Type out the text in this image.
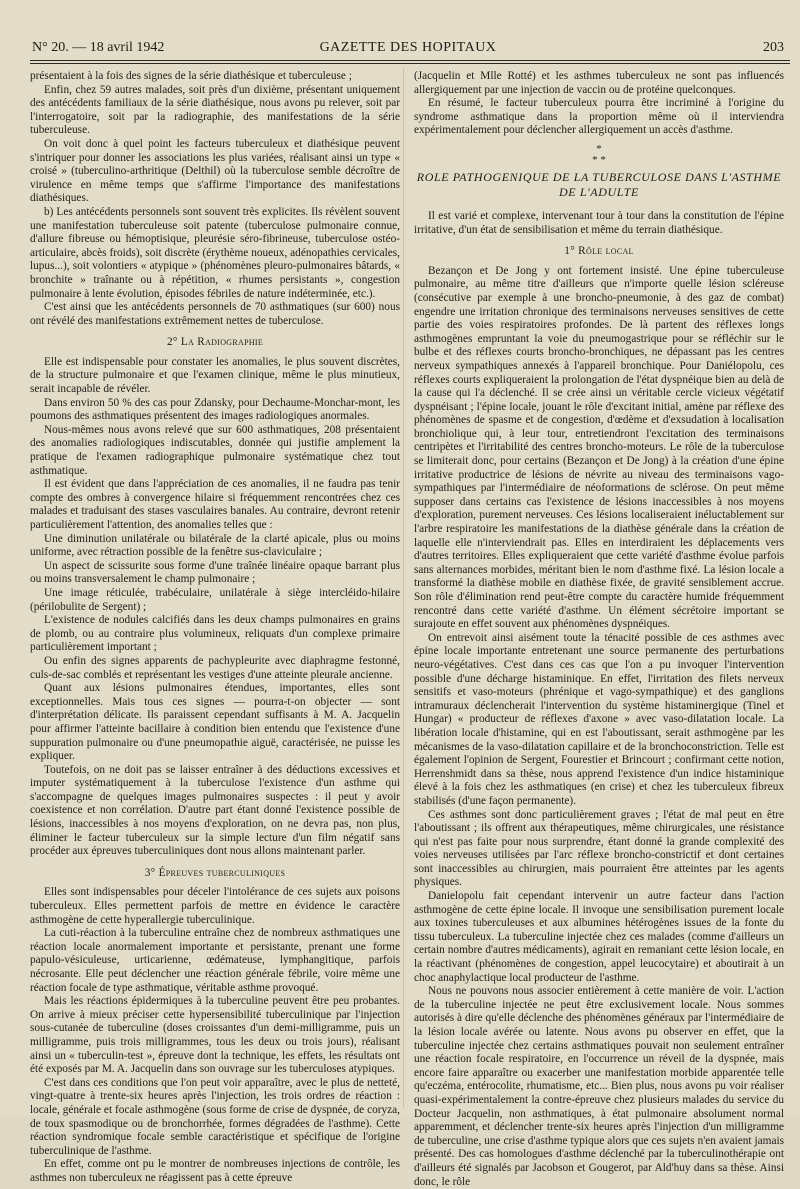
N° 20. — 18 avril 1942	GAZETTE DES HOPITAUX	203

présentaient à la fois des signes de la série diathésique et tuberculeuse ;

Enfin, chez 59 autres malades, soit près d'un dixième, présentant uniquement des antécédents familiaux de la série diathésique, nous avons pu relever, soit par l'interrogatoire, soit par la radiographie, des manifestations de la série tuberculeuse.

On voit donc à quel point les facteurs tuberculeux et diathésique peuvent s'intriquer pour donner les associations les plus variées, réalisant ainsi un type « croisé » (tuberculino-arthritique (Delthil) où la tuberculose semble décroître de virulence en même temps que s'affirme l'importance des manifestations diathésiques.

b) Les antécédents personnels sont souvent très explicites. Ils révèlent souvent une manifestation tuberculeuse soit patente (tuberculose pulmonaire connue, d'allure fibreuse ou hémoptisique, pleurésie séro-fibrineuse, tuberculose ostéo-articulaire, abcès froids), soit discrète (érythème noueux, adénopathies cervicales, lupus...), soit volontiers « atypique » (phénomènes pleuro-pulmonaires bâtards, « bronchite » traînante ou à répétition, « rhumes persistants », congestion pulmonaire à lente évolution, épisodes fébriles de nature indéterminée, etc.).

C'est ainsi que les antécédents personnels de 70 asthmatiques (sur 600) nous ont révélé des manifestations extrêmement nettes de tuberculose.

2° La Radiographie

Elle est indispensable pour constater les anomalies, le plus souvent discrètes, de la structure pulmonaire et que l'examen clinique, même le plus minutieux, serait incapable de révéler.

Dans environ 50 % des cas pour Zdansky, pour Dechaume-Monchar-mont, les poumons des asthmatiques présentent des images radiologiques anormales.

Nous-mêmes nous avons relevé que sur 600 asthmatiques, 208 présentaient des anomalies radiologiques indiscutables, donnée qui justifie amplement la pratique de l'examen radiographique pulmonaire systématique chez tout asthmatique.

Il est évident que dans l'appréciation de ces anomalies, il ne faudra pas tenir compte des ombres à convergence hilaire si fréquemment rencontrées chez ces malades et traduisant des stases vasculaires banales. Au contraire, devront retenir particulièrement l'attention, des anomalies telles que :

Une diminution unilatérale ou bilatérale de la clarté apicale, plus ou moins uniforme, avec rétraction possible de la fenêtre sus-claviculaire ;

Un aspect de scissurite sous forme d'une traînée linéaire opaque barrant plus ou moins transversalement le champ pulmonaire ;

Une image réticulée, trabéculaire, unilatérale à siège intercléido-hilaire (périlobulite de Sergent) ;

L'existence de nodules calcifiés dans les deux champs pulmonaires en grains de plomb, ou au contraire plus volumineux, reliquats d'un complexe primaire particulièrement important ;

Ou enfin des signes apparents de pachypleurite avec diaphragme festonné, culs-de-sac comblés et représentant les vestiges d'une atteinte pleurale ancienne.

Quant aux lésions pulmonaires étendues, importantes, elles sont exceptionnelles. Mais tous ces signes — pourra-t-on objecter — sont d'interprétation délicate. Ils paraissent cependant suffisants à M. A. Jacquelin pour affirmer l'atteinte bacillaire à condition bien entendu que l'existence d'une suppuration pulmonaire ou d'une pneumopathie aiguë, caractérisée, ne puisse les expliquer.

Toutefois, on ne doit pas se laisser entraîner à des déductions excessives et imputer systématiquement à la tuberculose l'existence d'un asthme qui s'accompagne de quelques images pulmonaires suspectes : il peut y avoir coexistence et non corrélation. D'autre part étant donné l'existence possible de lésions, inaccessibles à nos moyens d'exploration, on ne devra pas, non plus, éliminer le facteur tuberculeux sur la simple lecture d'un film négatif sans procéder aux épreuves tuberculiniques dont nous allons maintenant parler.

3° Épreuves tuberculiniques

Elles sont indispensables pour déceler l'intolérance de ces sujets aux poisons tuberculeux. Elles permettent parfois de mettre en évidence le caractère asthmogène de cette hyperallergie tuberculinique.

La cuti-réaction à la tuberculine entraîne chez de nombreux asthmatiques une réaction locale anormalement importante et persistante, prenant une forme papulo-vésiculeuse, urticarienne, œdémateuse, lymphangitique, parfois nécrosante. Elle peut déclencher une réaction générale fébrile, voire même une réaction focale de type asthmatique, véritable asthme provoqué.

Mais les réactions épidermiques à la tuberculine peuvent être peu probantes. On arrive à mieux préciser cette hypersensibilité tuberculinique par l'injection sous-cutanée de tuberculine (doses croissantes d'un demi-milligramme, puis un milligramme, puis trois milligrammes, tous les deux ou trois jours), réalisant ainsi un « tuberculin-test », épreuve dont la technique, les effets, les résultats ont été exposés par M. A. Jacquelin dans son ouvrage sur les tuberculoses atypiques.

C'est dans ces conditions que l'on peut voir apparaître, avec le plus de netteté, vingt-quatre à trente-six heures après l'injection, les trois ordres de réaction : locale, générale et focale asthmogène (sous forme de crise de dyspnée, de coryza, de toux spasmodique ou de bronchorrhée, formes dégradées de l'asthme). Cette réaction syndromique focale semble caractéristique et spécifique de l'origine tuberculinique de l'asthme.

En effet, comme ont pu le montrer de nombreuses injections de contrôle, les asthmes non tuberculeux ne réagissent pas à cette épreuve

(Jacquelin et Mlle Rotté) et les asthmes tuberculeux ne sont pas influencés allergiquement par une injection de vaccin ou de protéine quelconques.

En résumé, le facteur tuberculeux pourra être incriminé à l'origine du syndrome asthmatique dans la proportion même où il interviendra expérimentalement pour déclencher allergiquement un accès d'asthme.

*
* *
ROLE PATHOGENIQUE DE LA TUBERCULOSE DANS L'ASTHME DE L'ADULTE

Il est varié et complexe, intervenant tour à tour dans la constitution de l'épine irritative, d'un état de sensibilisation et même du terrain diathésique.

1° Rôle local

Bezançon et De Jong y ont fortement insisté. Une épine tuberculeuse pulmonaire, au même titre d'ailleurs que n'importe quelle lésion scléreuse (consécutive par exemple à une broncho-pneumonie, à des gaz de combat) engendre une irritation chronique des terminaisons nerveuses sensitives de cette partie des voies respiratoires profondes. De là partent des réflexes longs asthmogènes empruntant la voie du pneumogastrique pour se réfléchir sur le bulbe et des réflexes courts broncho-bronchiques, ne dépassant pas les centres nerveux sympathiques annexés à l'appareil bronchique. Pour Daniélopolu, ces réflexes courts expliqueraient la prolongation de l'état dyspnéique bien au delà de la cause qui l'a déclenché. Il se crée ainsi un véritable cercle vicieux végétatif dyspnéisant ; l'épine locale, jouant le rôle d'excitant initial, amène par réflexe des phénomènes de spasme et de congestion, d'œdème et d'exsudation à localisation bronchiolique qui, à leur tour, entretiendront l'excitation des terminaisons centripètes et l'irritabilité des centres broncho-moteurs. Le rôle de la tuberculose se limiterait donc, pour certains (Bezançon et De Jong) à la création d'une épine irritative productrice de lésions de névrite au niveau des terminaisons vago-sympathiques par l'intermédiaire de néoformations de sclérose. On peut même supposer dans certains cas l'existence de lésions inaccessibles à nos moyens d'exploration, purement nerveuses. Ces lésions localiseraient inéluctablement sur l'arbre respiratoire les manifestations de la diathèse générale dans la création de laquelle elle n'interviendrait pas. Elles en interdiraient les déplacements vers d'autres territoires. Elles expliqueraient que cette variété d'asthme évolue parfois sans alternances morbides, méritant bien le nom d'asthme fixé. La lésion locale a transformé la diathèse mobile en diathèse fixée, de gravité sensiblement accrue. Son rôle d'élimination rend peut-être compte du caractère humide fréquemment rencontré dans cette variété d'asthme. Un élément sécrétoire important se surajoute en effet souvent aux phénomènes dyspnéiques.

On entrevoit ainsi aisément toute la ténacité possible de ces asthmes avec épine locale importante entretenant une source permanente des perturbations neuro-végétatives. C'est dans ces cas que l'on a pu invoquer l'intervention possible d'une décharge histaminique. En effet, l'irritation des filets nerveux sensitifs et vaso-moteurs (phrénique et vago-sympathique) et des ganglions intramuraux déclencherait l'intervention du système histaminergique (Tinel et Hungar) « producteur de réflexes d'axone » avec vaso-dilatation locale. La libération locale d'histamine, qui en est l'aboutissant, serait asthmogène par les mécanismes de la vaso-dilatation capillaire et de la bronchoconstriction. Telle est également l'opinion de Sergent, Fourestier et Brincourt ; confirmant cette notion, Herrenshmidt dans sa thèse, nous apprend l'existence d'un indice histaminique élevé à la fois chez les asthmatiques (en crise) et chez les tuberculeux fibreux stabilisés (d'une façon permanente).

Ces asthmes sont donc particulièrement graves ; l'état de mal peut en être l'aboutissant ; ils offrent aux thérapeutiques, même chirurgicales, une résistance qui n'est pas faite pour nous surprendre, étant donné la grande complexité des voies nerveuses utilisées par l'arc réflexe broncho-constrictif et dont certaines sont inaccessibles au chirurgien, mais pourraient être atteintes par les agents physiques.

Danielopolu fait cependant intervenir un autre facteur dans l'action asthmogène de cette épine locale. Il invoque une sensibilisation purement locale aux toxines tuberculeuses et aux albumines hétérogènes issues de la fonte du tissu tuberculeux. La tuberculine injectée chez ces malades (comme d'ailleurs un certain nombre d'autres médicaments), agirait en remaniant cette lésion locale, en la réactivant (phénomènes de congestion, appel leucocytaire) et aboutirait à un choc anaphylactique local producteur de l'asthme.

Nous ne pouvons nous associer entièrement à cette manière de voir. L'action de la tuberculine injectée ne peut être exclusivement locale. Nous sommes autorisés à dire qu'elle déclenche des phénomènes généraux par l'intermédiaire de la lésion locale avérée ou latente. Nous avons pu observer en effet, que la tuberculine injectée chez certains asthmatiques pouvait non seulement entraîner une réaction focale respiratoire, en l'occurrence un réveil de la dyspnée, mais encore faire apparaître ou exacerber une manifestation morbide apparentée telle qu'eczéma, entérocolite, rhumatisme, etc... Bien plus, nous avons pu voir réaliser quasi-expérimentalement la contre-épreuve chez plusieurs malades du service du Docteur Jacquelin, non asthmatiques, à état pulmonaire absolument normal apparemment, et déclencher trente-six heures après l'injection d'un milligramme de tuberculine, une crise d'asthme typique alors que ces sujets n'en avaient jamais présenté. Des cas homologues d'asthme déclenché par la tuberculinothérapie ont d'ailleurs été signalés par Jacobson et Gougerot, par Ald'huy dans sa thèse. Ainsi donc, le rôle
